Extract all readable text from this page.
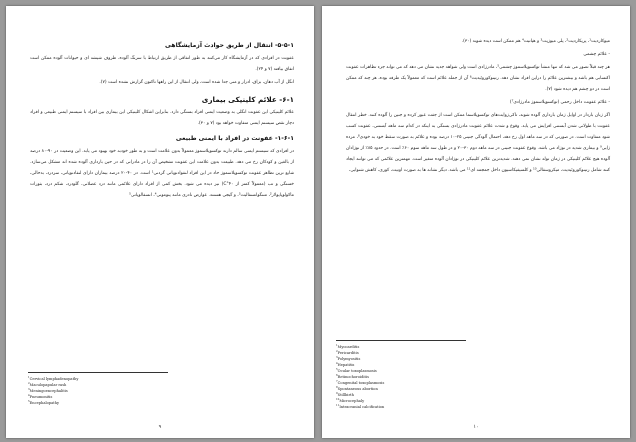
۵-۵-۱- انتقال از طریق حوادث آزمایشگاهی

عفونت در افرادی که در آزمایشگاه کار می‌کنند به طور اتفاقی از طریق ارتباط با سرنگ آلوده، ظروف شیشه ای و حیوانات آلوده ممکن است اتفاق بیافتد (۷ و ۲۴).

انگل از آب دهان، بزاق، ادرار و منی جدا شده است، ولی انتقال از این راهها تاکنون گزارش نشده است (۷).

۶-۱- علائم کلینیکی بیماری

علائم کلینیکی این عفونت انگلی به وضعیت ایمنی افراد بستگی دارد. بنابراین اشکال کلینیکی این بیماری بین افراد با سیستم ایمنی طبیعی و افراد دچار نقص سیستم ایمنی متفاوت خواهد بود (۷ و ۳۰).

۱-۶-۱- عفونت در افراد با ایمنی طبیعی

در افرادی که سیستم ایمنی سالم دارند توکسوپلاسموز معمولاً بدون علامت است و به طور خودبه خود بهبود می یابد. این وضعیت در ۹۰-۸۰ درصد از بالغین و کودکان رخ می دهد. طبیعت بدون علامت این عفونت تشخیص آن را در مادرانی که در حین بارداری آلوده شده اند مشکل می‌سازد. شایع ترین تظاهر عفونت توکسوپلاسموز حاد در این افراد لنفوادنوپاتی گردنی¹ است. در ۴۰-۲۰ درصد بیماران دارای لنفادنوپاتی، سردرد، بدحالی، خستگی و تب (معمولاً کمتر از ۴۰°C) نیز دیده می شود. بخش کمی از افراد دارای علائمی مانند درد عضلانی، گلودرد، شکم درد، بثورات ماکولوپاپولار²، مننگوانسفالیت³، و گیجی هستند. عوارض نادری مانند پنومونی⁴، انسفالوپاتی⁵

$^1$Cervical lymphadenopathy
$^2$Maculopapular rash
$^3$Meningoencephalitis
$^4$Pneumonitis
$^5$Encephalopathy
۹

میوکاردیت¹، پریکاردیت²، پلی میوزیت³ و هپاتیت⁴ هم ممکن است دیده شوند (۳۰).

- علائم چشمی

هر چند قبلاً تصور می شد که تنها منشأ توکسوپلاسموز چشمی⁵، مادرزادی است ولی شواهد جدید نشان می دهد که می تواند جزء تظاهرات عفونت اکتسابی هم باشد و بیشترین علائم را دراین افراد نشان دهد. رتینوکوروئیدیت⁶ آن از جمله علائم است که معمولاً یک طرفه بوده، هر چند که ممکن است در دو چشم هم دیده شود (۷).

- علائم عفونت داخل رحمی (توکسوپلاسموز مادرزادی⁷)

اگر زنان باردار در اوایل زمان بارداری آلوده شوند، تاکی‌زوایت‌های توکسوپلاسما ممکن است از جفت عبور کرده و جنین را آلوده کنند. خطر انتقال عفونت با طولانی شدن آبستنی افزایش می یابد. وقوع و شدت علائم عفونت مادرزادی بستگی به اینکه در کدام سه ماهه آبستنی، عفونت کسب شود متفاوت است. در صورتی که در سه ماهه اول رخ دهد، احتمال آلودگی جنینی ۲۵-۱۰ درصد بوده و علائم به صورت سقط خود به خودی⁸، مرده زایی⁹ و بیماری شدید در نوزاد می باشد. وقوع عفونت جنینی در سه ماهه دوم ۳۰-۲۰ و در طول سه ماهه سوم ۶۰٪ است. در حدود ۸۵٪ از نوزادان آلوده هیچ علائم کلینیکی در زمان تولد نشان نمی دهند. شدیدترین علائم کلینیکی در نوزادان آلوده متغیر است. مهمترین علائمی که می توانند ایجاد کنند شامل رتینوکوروئیدیت، میکروسفالی¹⁰ و کلسیفیکاسیون داخل جمجمه ای¹¹ می باشد. دیگر نشانه ها به صورت اوتیت، کوری، کاهش شنوایی،

$^1$Myocarditis
$^2$Pericarditis
$^3$Polymyositis
$^4$Hepatitis
$^5$Ocular toxoplasmosis
$^6$Retinochoroiditis
$^7$Congenital toxoplasmosis
$^8$Spontaneous abortion
$^9$Stillbirth
$^{10}$Microcephaly
$^{11}$Intracranial calcification
۱۰
